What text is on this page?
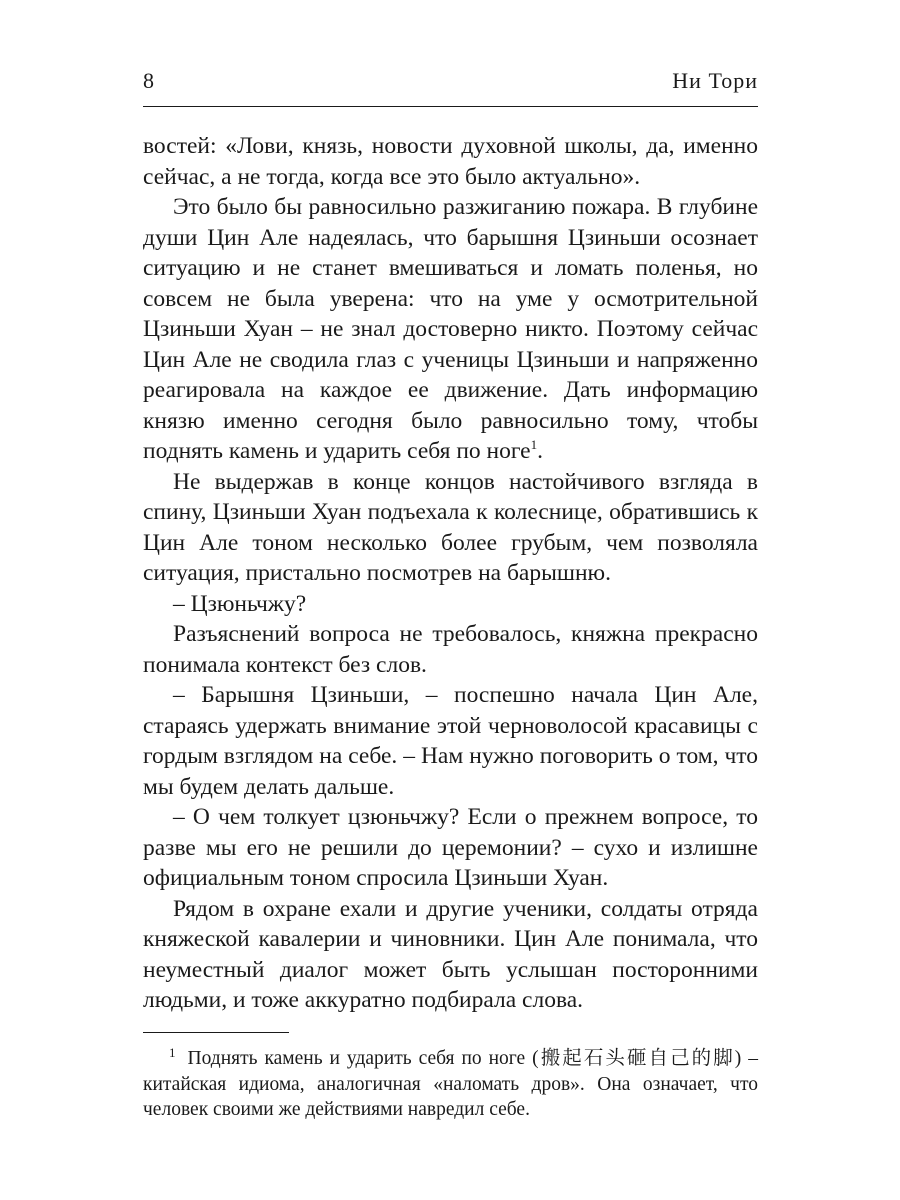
8	Ни Тори

востей: «Лови, князь, новости духовной школы, да, именно сейчас, а не тогда, когда все это было актуально».

Это было бы равносильно разжиганию пожара. В глубине души Цин Але надеялась, что барышня Цзиньши осознает ситуацию и не станет вмешиваться и ломать поленья, но совсем не была уверена: что на уме у осмотрительной Цзиньши Хуан – не знал достоверно никто. Поэтому сейчас Цин Але не сводила глаз с ученицы Цзиньши и напряженно реагировала на каждое ее движение. Дать информацию князю именно сегодня было равносильно тому, чтобы поднять камень и ударить себя по ноге$^1$.

Не выдержав в конце концов настойчивого взгляда в спину, Цзиньши Хуан подъехала к колеснице, обратившись к Цин Але тоном несколько более грубым, чем позволяла ситуация, пристально посмотрев на барышню.

– Цзюньчжу?

Разъяснений вопроса не требовалось, княжна прекрасно понимала контекст без слов.

– Барышня Цзиньши, – поспешно начала Цин Але, стараясь удержать внимание этой черноволосой красавицы с гордым взглядом на себе. – Нам нужно поговорить о том, что мы будем делать дальше.

– О чем толкует цзюньчжу? Если о прежнем вопросе, то разве мы его не решили до церемонии? – сухо и излишне официальным тоном спросила Цзиньши Хуан.

Рядом в охране ехали и другие ученики, солдаты отряда княжеской кавалерии и чиновники. Цин Але понимала, что неуместный диалог может быть услышан посторонними людьми, и тоже аккуратно подбирала слова.

$^1$ Поднять камень и ударить себя по ноге (搬起石头砸自己的脚) – китайская идиома, аналогичная «наломать дров». Она означает, что человек своими же действиями навредил себе.
